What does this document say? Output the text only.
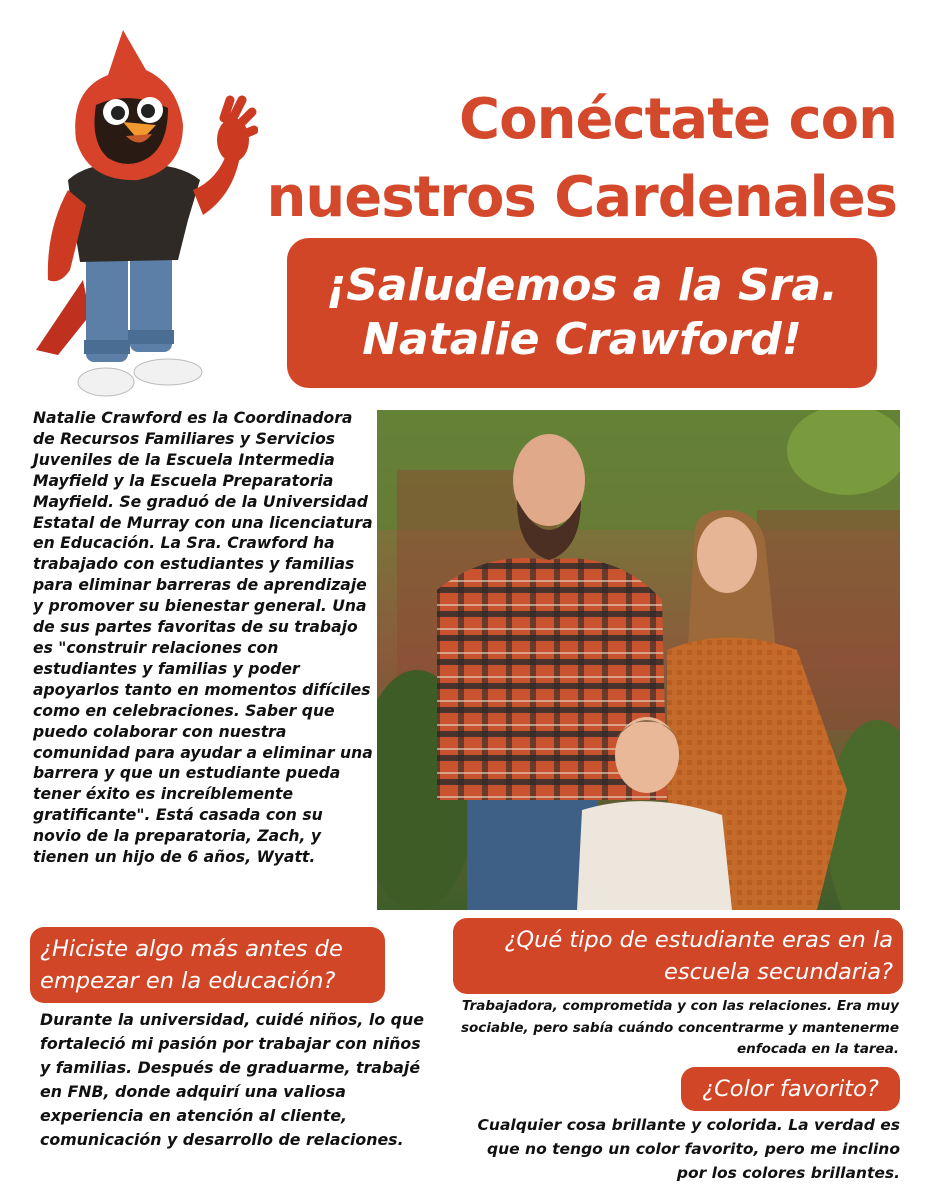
Conéctate con
nuestros Cardenales
¡Saludemos a la Sra.
Natalie Crawford!

Natalie Crawford es la Coordinadora de Recursos Familiares y Servicios Juveniles de la Escuela Intermedia Mayfield y la Escuela Preparatoria Mayfield. Se graduó de la Universidad Estatal de Murray con una licenciatura en Educación. La Sra. Crawford ha trabajado con estudiantes y familias para eliminar barreras de aprendizaje y promover su bienestar general. Una de sus partes favoritas de su trabajo es "construir relaciones con estudiantes y familias y poder apoyarlos tanto en momentos difíciles como en celebraciones. Saber que puedo colaborar con nuestra comunidad para ayudar a eliminar una barrera y que un estudiante pueda tener éxito es increíblemente gratificante". Está casada con su novio de la preparatoria, Zach, y tienen un hijo de 6 años, Wyatt.

¿Hiciste algo más antes de empezar en la educación?

Durante la universidad, cuidé niños, lo que fortaleció mi pasión por trabajar con niños y familias. Después de graduarme, trabajé en FNB, donde adquirí una valiosa experiencia en atención al cliente, comunicación y desarrollo de relaciones.

¿Qué tipo de estudiante eras en la escuela secundaria?

Trabajadora, comprometida y con las relaciones. Era muy sociable, pero sabía cuándo concentrarme y mantenerme enfocada en la tarea.

¿Color favorito?

Cualquier cosa brillante y colorida. La verdad es que no tengo un color favorito, pero me inclino por los colores brillantes.
